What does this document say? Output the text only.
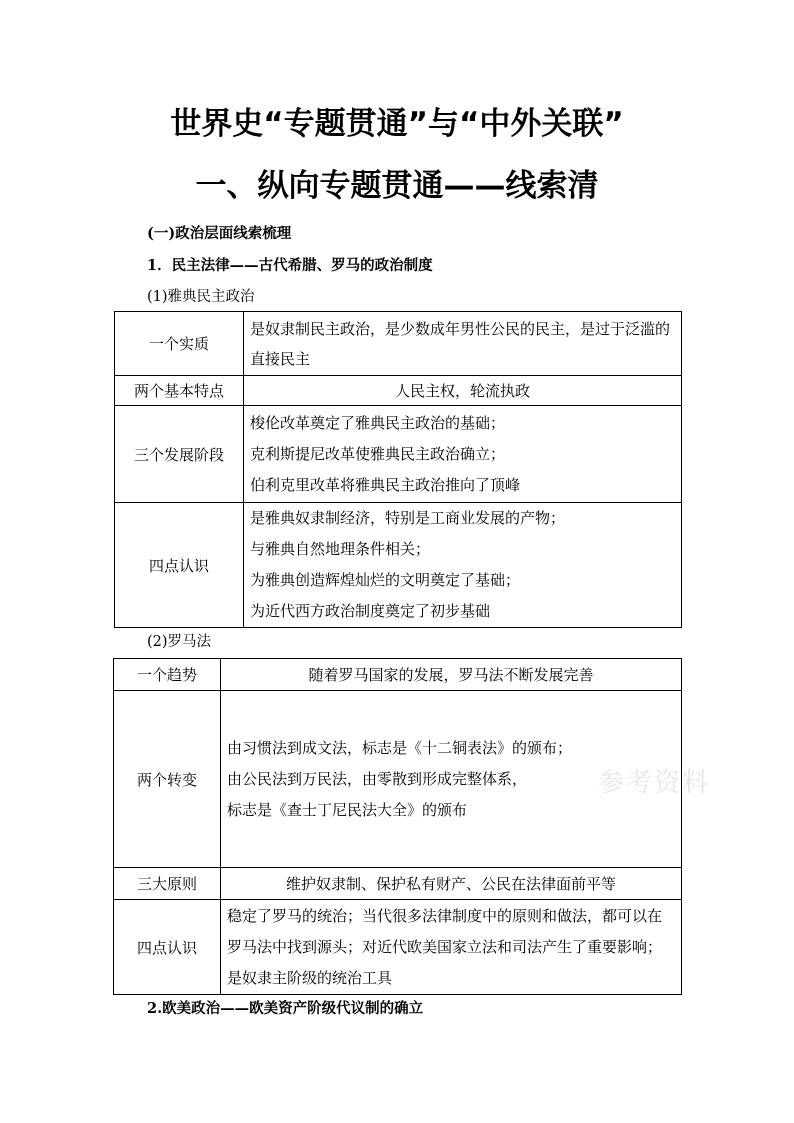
世界史“专题贯通”与“中外关联”
一、纵向专题贯通——线索清
(一)政治层面线索梳理
1．民主法律——古代希腊、罗马的政治制度
(1)雅典民主政治
一个实质	是奴隶制民主政治，是少数成年男性公民的民主，是过于泛滥的直接民主
两个基本特点	人民主权，轮流执政
三个发展阶段	梭伦改革奠定了雅典民主政治的基础；
克利斯提尼改革使雅典民主政治确立；
伯利克里改革将雅典民主政治推向了顶峰

四点认识	是雅典奴隶制经济，特别是工商业发展的产物；
与雅典自然地理条件相关；
为雅典创造辉煌灿烂的文明奠定了基础；
为近代西方政治制度奠定了初步基础
(2)罗马法
一个趋势	随着罗马国家的发展，罗马法不断发展完善
两个转变	由习惯法到成文法，标志是《十二铜表法》的颁布；
由公民法到万民法，由零散到形成完整体系，
标志是《查士丁尼民法大全》的颁布

三大原则	维护奴隶制、保护私有财产、公民在法律面前平等
四点认识	稳定了罗马的统治；当代很多法律制度中的原则和做法，都可以在罗马法中找到源头；对近代欧美国家立法和司法产生了重要影响；是奴隶主阶级的统治工具
2.欧美政治——欧美资产阶级代议制的确立
参考资料
